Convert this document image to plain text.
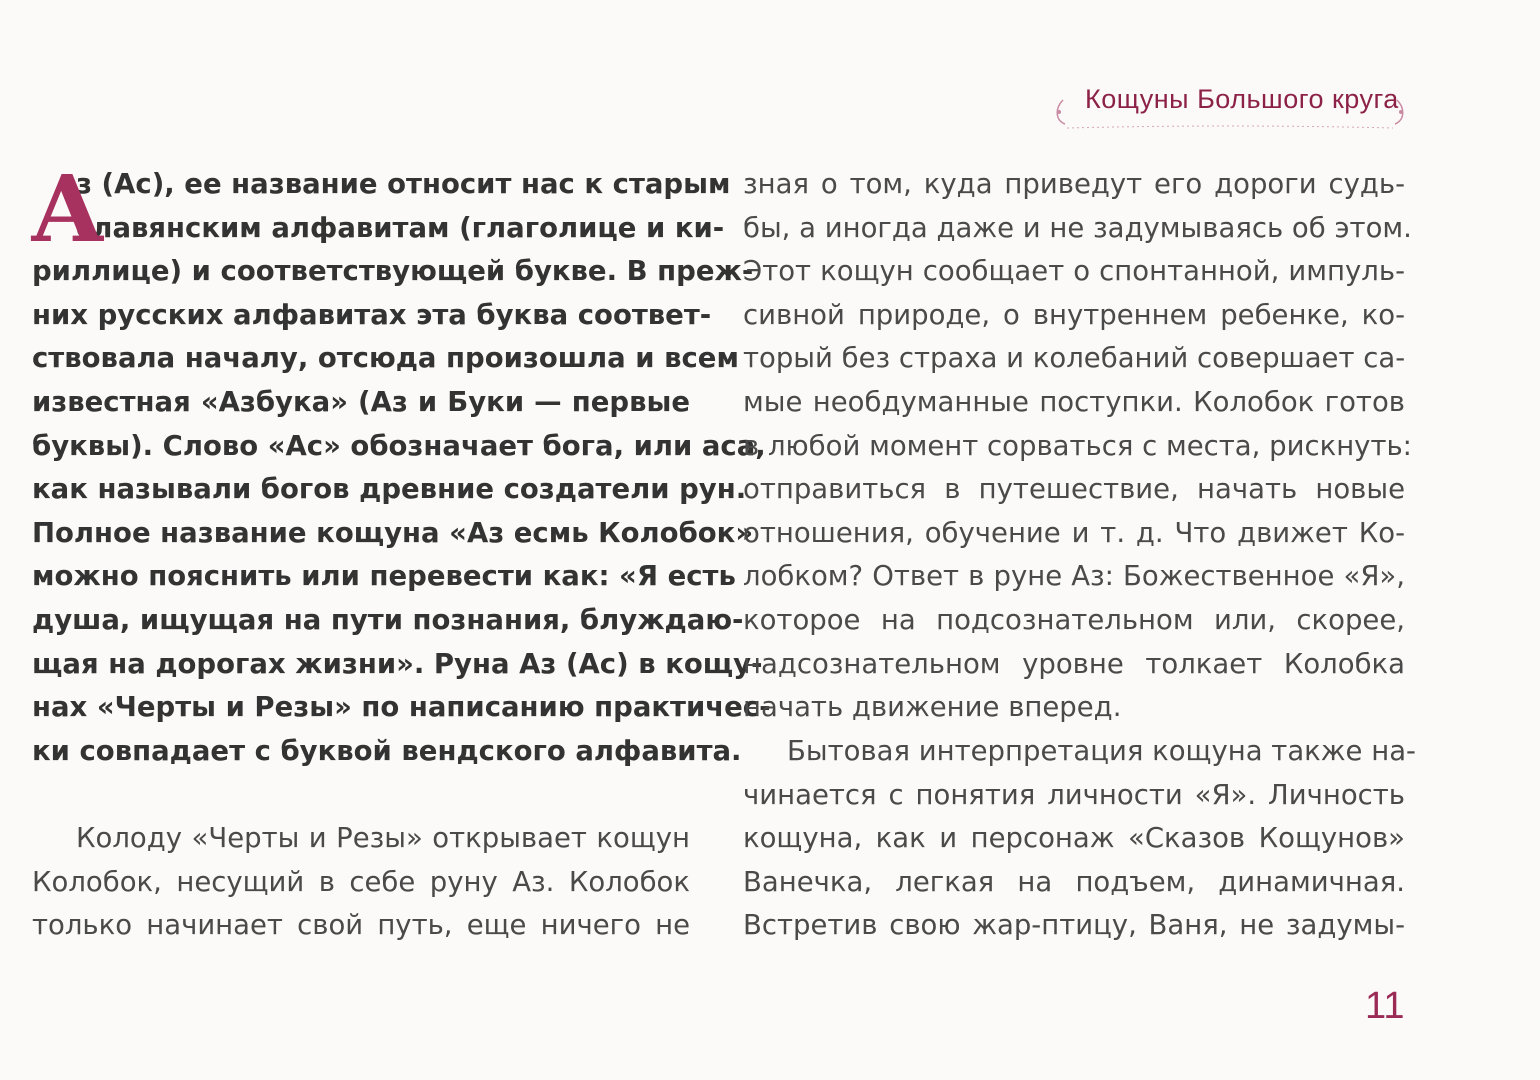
Кощуны Большого круга
А
з (Ас), ее название относит нас к старым
славянским алфавитам (глаголице и ки-
риллице) и соответствующей букве. В преж-
них русских алфавитах эта буква соответ-
ствовала началу, отсюда произошла и всем
известная «Азбука» (Аз и Буки — первые
буквы). Слово «Ас» обозначает бога, или аса,
как называли богов древние создатели рун.
Полное название кощуна «Аз есмь Колобок»
можно пояснить или перевести как: «Я есть
душа, ищущая на пути познания, блуждаю-
щая на дорогах жизни». Руна Аз (Ас) в кощу-
нах «Черты и Резы» по написанию практичес-
ки совпадает с буквой вендского алфавита.
Колоду «Черты и Резы» открывает кощун
Колобок, несущий в себе руну Аз. Колобок
только начинает свой путь, еще ничего не
зная о том, куда приведут его дороги судь-
бы, а иногда даже и не задумываясь об этом.
Этот кощун сообщает о спонтанной, импуль-
сивной природе, о внутреннем ребенке, ко-
торый без страха и колебаний совершает са-
мые необдуманные поступки. Колобок готов
в любой момент сорваться с места, рискнуть:
отправиться в путешествие, начать новые
отношения, обучение и т. д. Что движет Ко-
лобком? Ответ в руне Аз: Божественное «Я»,
которое на подсознательном или, скорее,
надсознательном уровне толкает Колобка
начать движение вперед.
Бытовая интерпретация кощуна также на-
чинается с понятия личности «Я». Личность
кощуна, как и персонаж «Сказов Кощунов»
Ванечка, легкая на подъем, динамичная.
Встретив свою жар-птицу, Ваня, не задумы-
11
